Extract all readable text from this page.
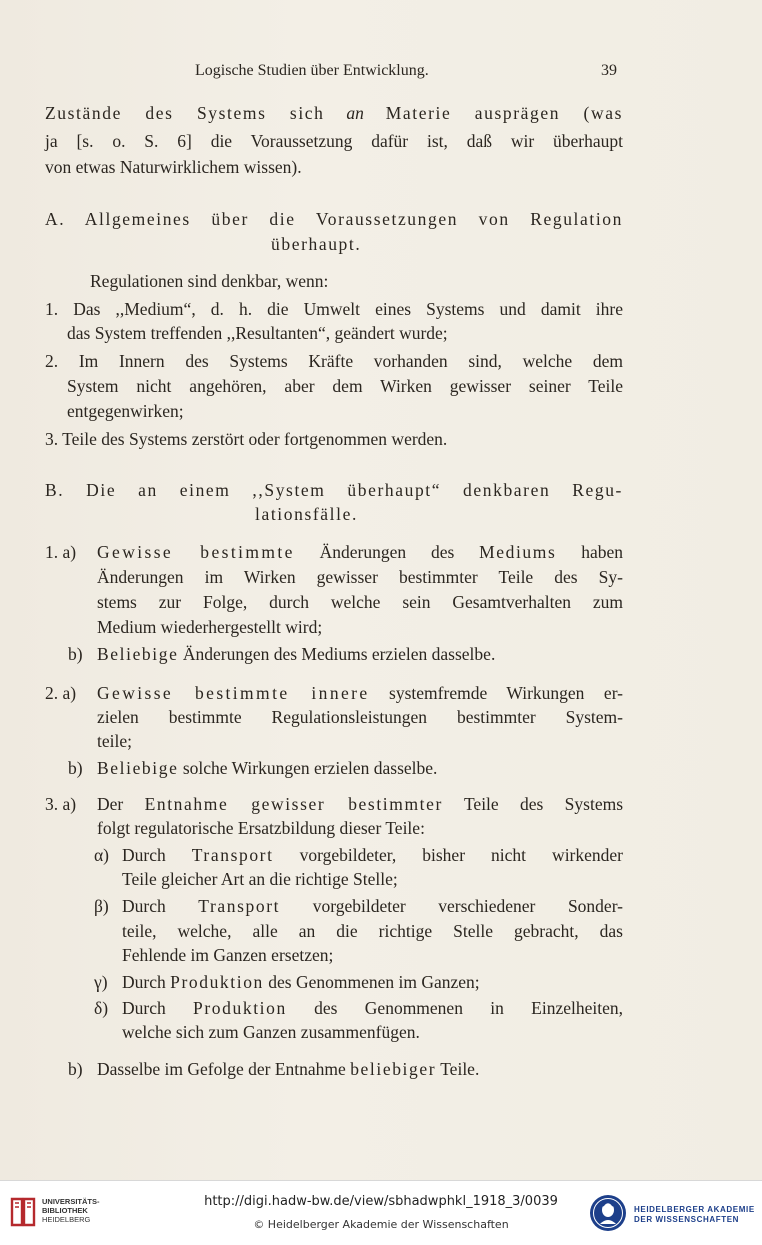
Logische Studien über Entwicklung.	39
Zustände des Systems sich an Materie ausprägen (was
ja [s. o. S. 6] die Voraussetzung dafür ist, daß wir überhaupt
von etwas Naturwirklichem wissen).
A. Allgemeines über die Voraussetzungen von Regulation
überhaupt.
Regulationen sind denkbar, wenn:
1. Das ,,Medium“, d. h. die Umwelt eines Systems und damit ihre
das System treffenden ,,Resultanten“, geändert wurde;
2. Im Innern des Systems Kräfte vorhanden sind, welche dem
System nicht angehören, aber dem Wirken gewisser seiner Teile
entgegenwirken;
3. Teile des Systems zerstört oder fortgenommen werden.
B. Die an einem ,,System überhaupt“ denkbaren Regu-
lationsfälle.
1. a) Gewisse bestimmte Änderungen des Mediums haben
Änderungen im Wirken gewisser bestimmter Teile des Sy-
stems zur Folge, durch welche sein Gesamtverhalten zum
Medium wiederhergestellt wird;
b) Beliebige Änderungen des Mediums erzielen dasselbe.
2. a) Gewisse bestimmte innere systemfremde Wirkungen er-
zielen bestimmte Regulationsleistungen bestimmter System-
teile;
b) Beliebige solche Wirkungen erzielen dasselbe.
3. a) Der Entnahme gewisser bestimmter Teile des Systems
folgt regulatorische Ersatzbildung dieser Teile:
α) Durch Transport vorgebildeter, bisher nicht wirkender
Teile gleicher Art an die richtige Stelle;
β) Durch Transport vorgebildeter verschiedener Sonder-
teile, welche, alle an die richtige Stelle gebracht, das
Fehlende im Ganzen ersetzen;
γ) Durch Produktion des Genommenen im Ganzen;
δ) Durch Produktion des Genommenen in Einzelheiten,
welche sich zum Ganzen zusammenfügen.
b) Dasselbe im Gefolge der Entnahme beliebiger Teile.
UNIVERSITÄTS-
BIBLIOTHEK
HEIDELBERG
http://digi.hadw-bw.de/view/sbhadwphkl_1918_3/0039
© Heidelberger Akademie der Wissenschaften
HEIDELBERGER AKADEMIE
DER WISSENSCHAFTEN
